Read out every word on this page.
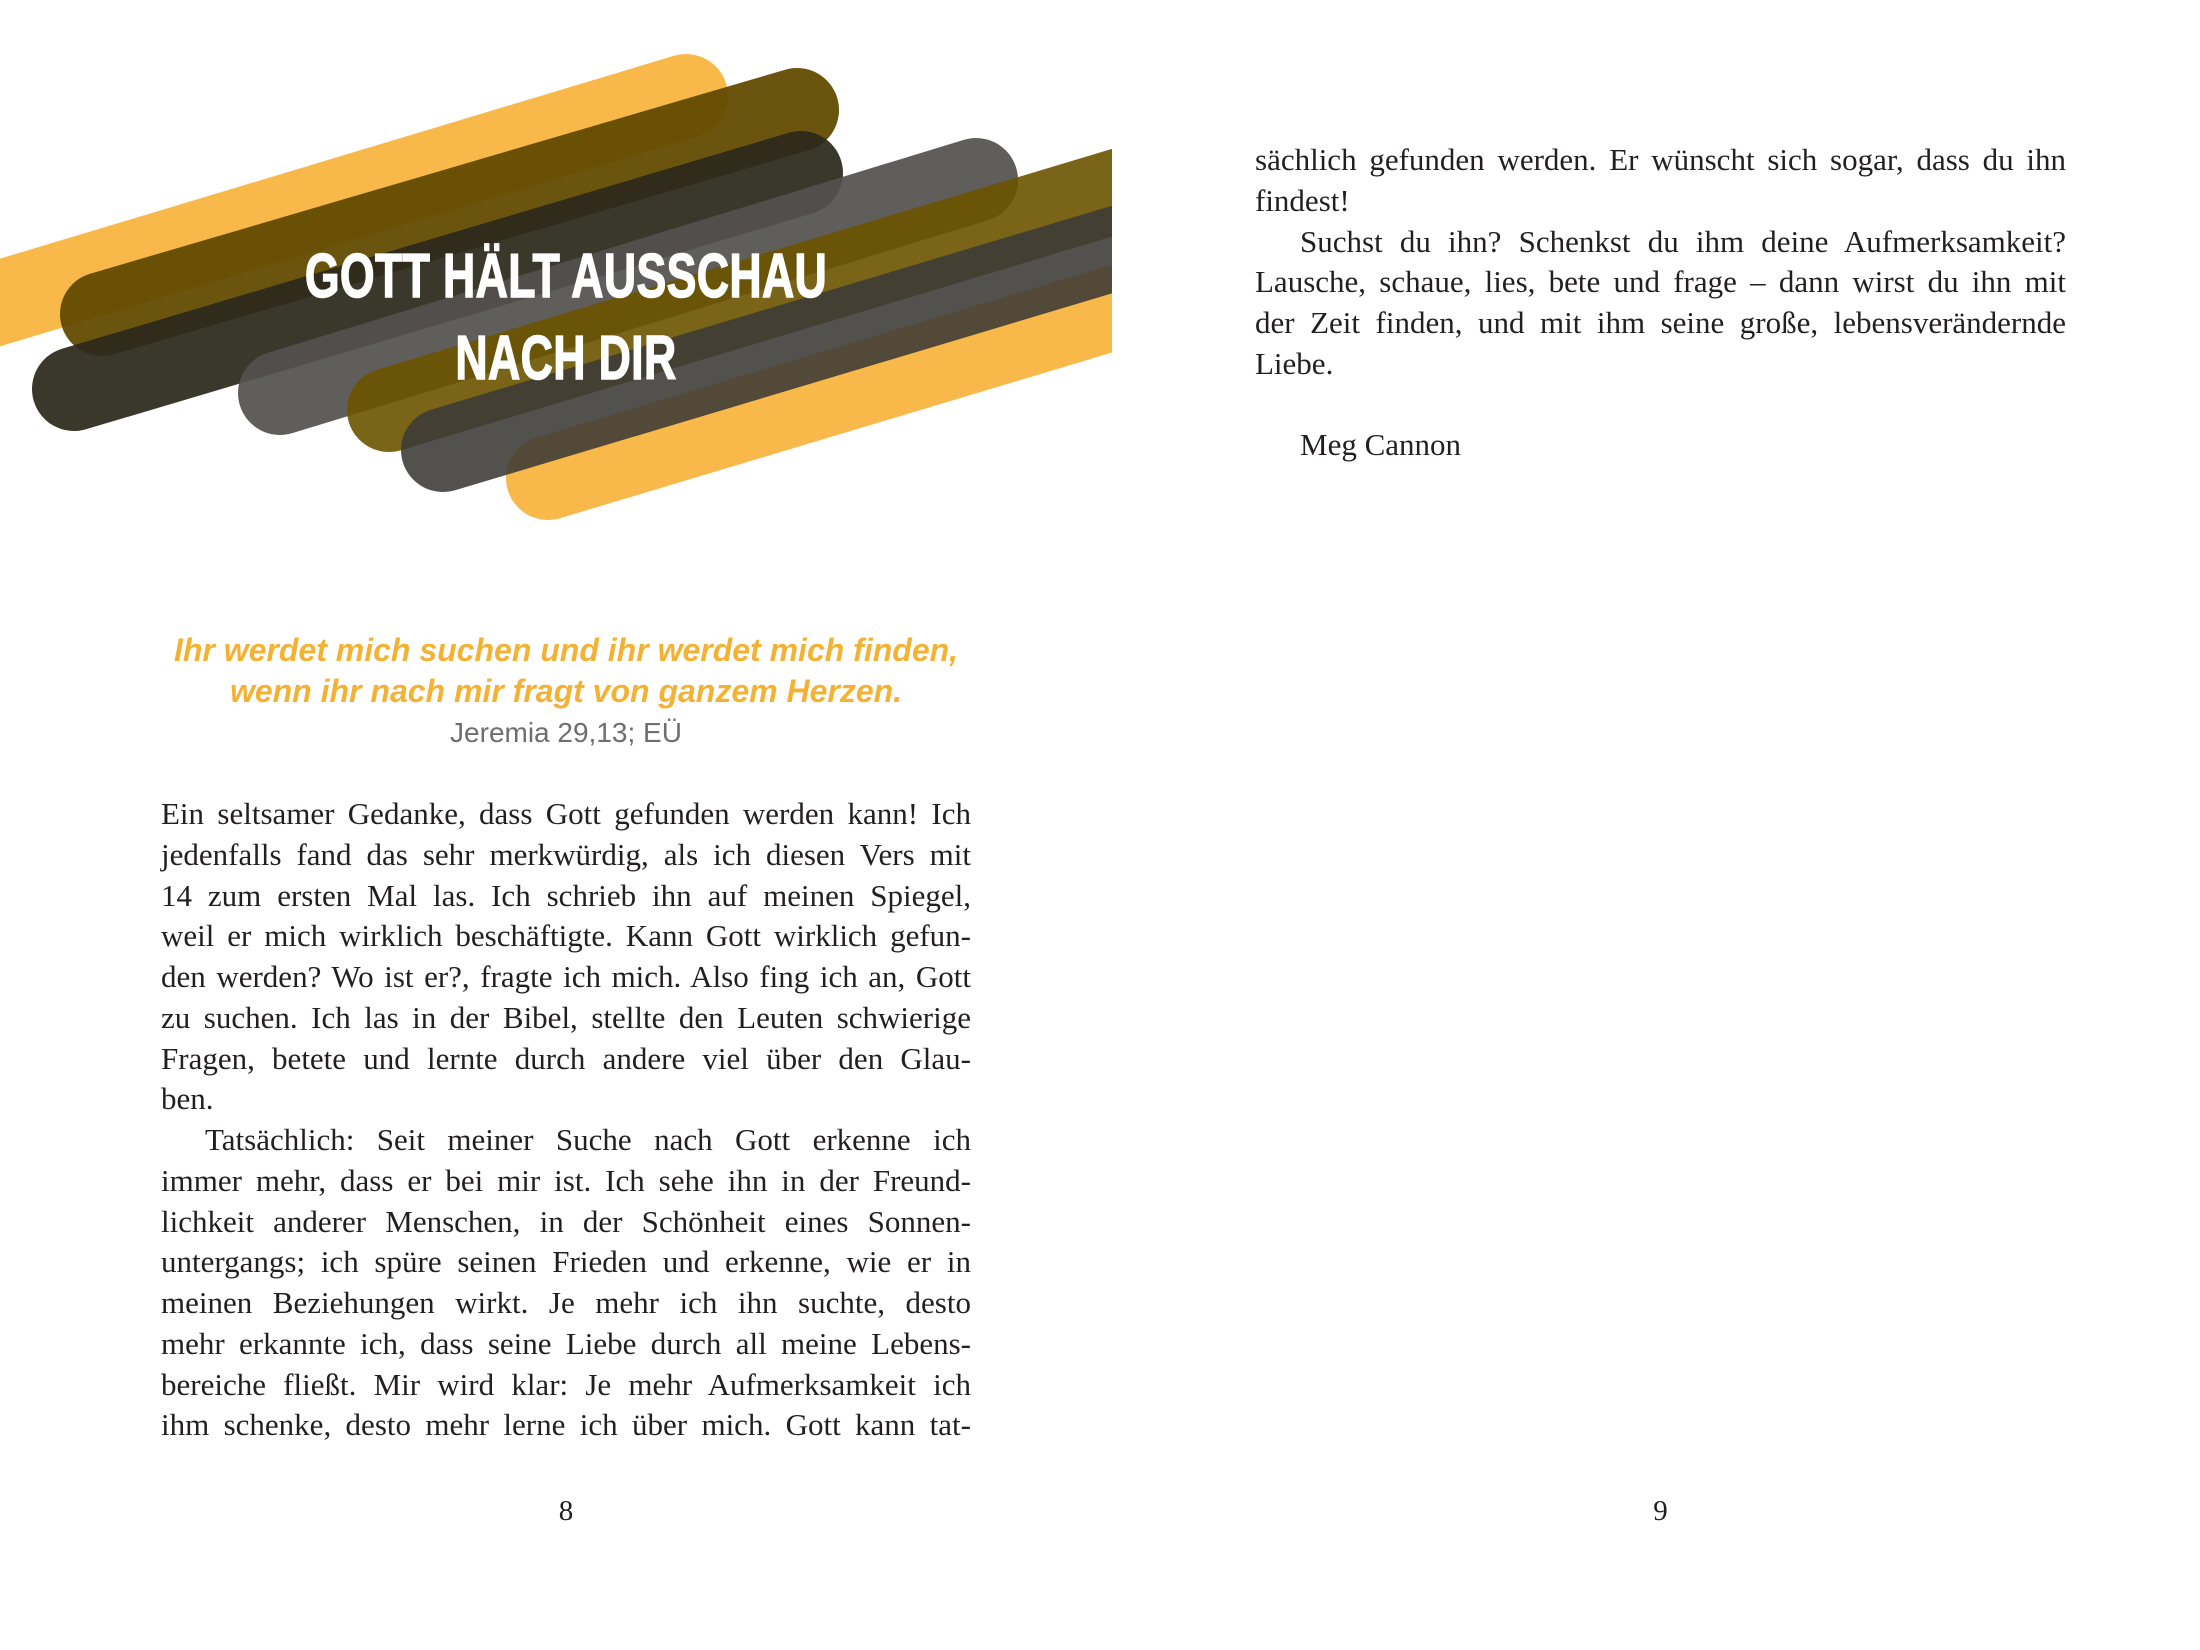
GOTT HÄLT AUSSCHAU
NACH DIR
Ihr werdet mich suchen und ihr werdet mich finden,
wenn ihr nach mir fragt von ganzem Herzen.
Jeremia 29,13; EÜ
Ein seltsamer Gedanke, dass Gott gefunden werden kann! Ich
jedenfalls fand das sehr merkwürdig, als ich diesen Vers mit
14 zum ersten Mal las. Ich schrieb ihn auf meinen Spiegel,
weil er mich wirklich beschäftigte. Kann Gott wirklich gefun-
den werden? Wo ist er?, fragte ich mich. Also fing ich an, Gott
zu suchen. Ich las in der Bibel, stellte den Leuten schwierige
Fragen, betete und lernte durch andere viel über den Glau-
ben.
Tatsächlich: Seit meiner Suche nach Gott erkenne ich
immer mehr, dass er bei mir ist. Ich sehe ihn in der Freund-
lichkeit anderer Menschen, in der Schönheit eines Sonnen-
untergangs; ich spüre seinen Frieden und erkenne, wie er in
meinen Beziehungen wirkt. Je mehr ich ihn suchte, desto
mehr erkannte ich, dass seine Liebe durch all meine Lebens-
bereiche fließt. Mir wird klar: Je mehr Aufmerksamkeit ich
ihm schenke, desto mehr lerne ich über mich. Gott kann tat-
sächlich gefunden werden. Er wünscht sich sogar, dass du ihn
findest!
Suchst du ihn? Schenkst du ihm deine Aufmerksamkeit?
Lausche, schaue, lies, bete und frage – dann wirst du ihn mit
der Zeit finden, und mit ihm seine große, lebensverändernde
Liebe.
Meg Cannon
8	9
